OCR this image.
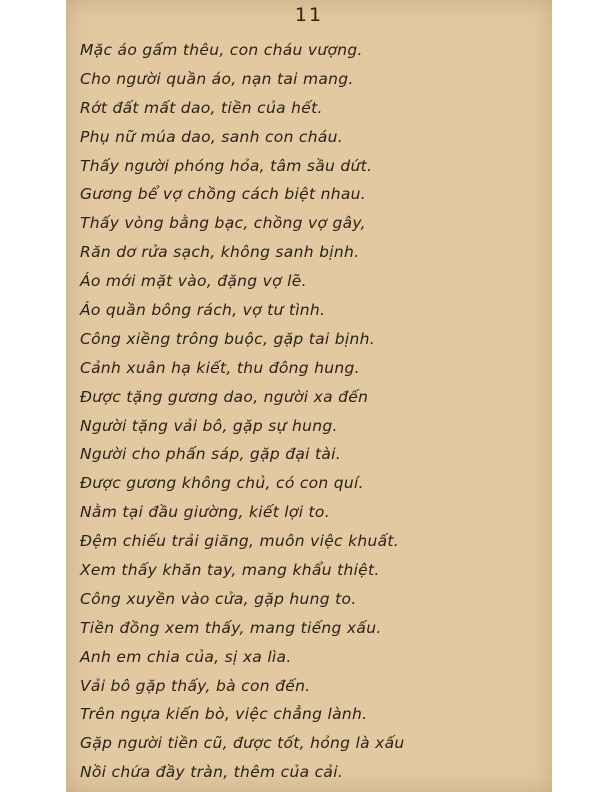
11
Mặc áo gấm thêu, con cháu vượng.
Cho người quần áo, nạn tai mang.
Rớt đất mất dao, tiền của hết.
Phụ nữ múa dao, sanh con cháu.
Thấy người phóng hỏa, tâm sầu dứt.
Gương bể vợ chồng cách biệt nhau.
Thấy vòng bằng bạc, chồng vợ gây,
Răn dơ rửa sạch, không sanh bịnh.
Áo mới mặt vào, đặng vợ lẽ.
Áo quần bông rách, vợ tư tình.
Công xiềng trông buộc, gặp tai bịnh.
Cảnh xuân hạ kiết, thu đông hung.
Được tặng gương dao, người xa đến
Người tặng vải bô, gặp sự hung.
Người cho phấn sáp, gặp đại tài.
Được gương không chủ, có con quí.
Nằm tại đầu giường, kiết lợi to.
Đệm chiếu trải giăng, muôn việc khuất.
Xem thấy khăn tay, mang khẩu thiệt.
Công xuyền vào cửa, gặp hung to.
Tiền đồng xem thấy, mang tiếng xấu.
Anh em chia của, sị xa lìa.
Vải bô gặp thấy, bà con đến.
Trên ngựa kiến bò, việc chẳng lành.
Gặp người tiền cũ, được tốt, hỏng là xấu
Nồi chứa đầy tràn, thêm của cải.
